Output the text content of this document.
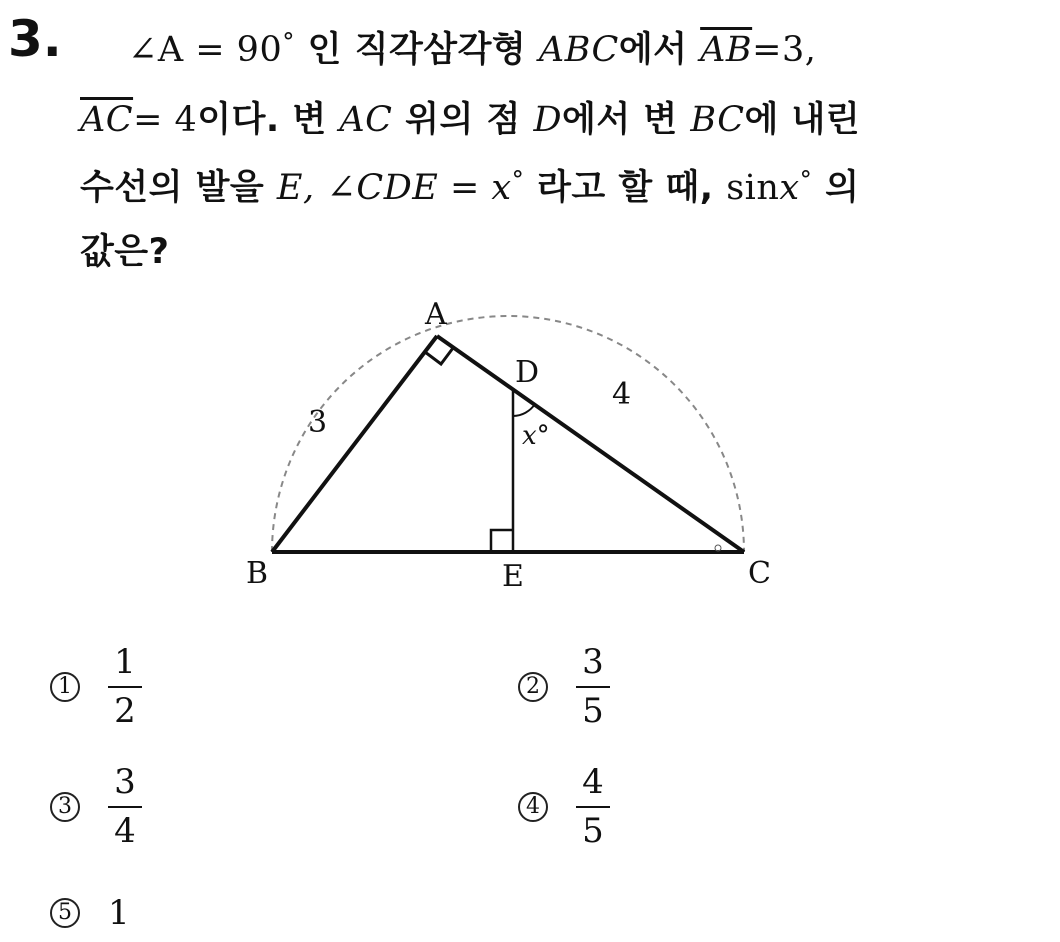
3. ∠A = 90° 인 직각삼각형 ABC에서 $\overline{AB}=3$,
$\overline{AC}= 4$이다. 변 AC 위의 점 D에서 변 BC에 내린
수선의 발을 E, ∠CDE = x° 라고 할 때, sinx° 의
값은?
A
B	C
D
E
3
4
x°
$1 \frac{1}{2}$	$2 \frac{3}{5}$
$3 \frac{3}{4}$	$4 \frac{4}{5}$
5 1
